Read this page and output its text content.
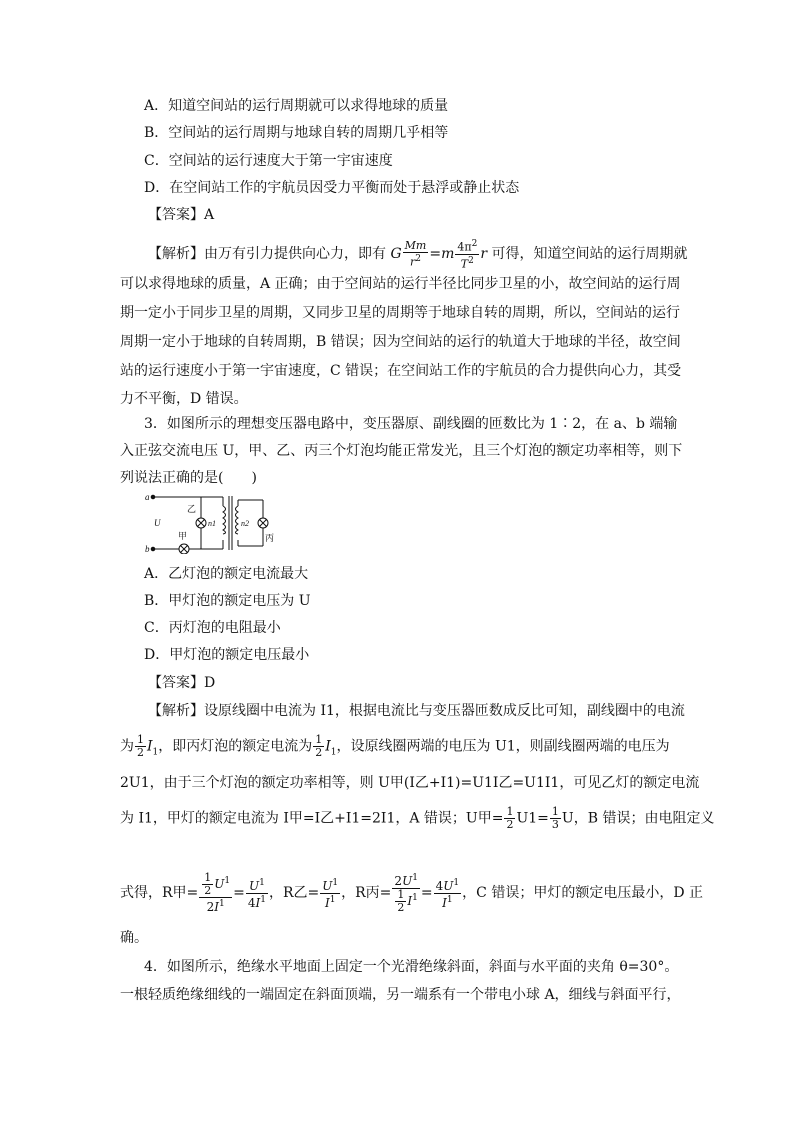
A．知道空间站的运行周期就可以求得地球的质量
B．空间站的运行周期与地球自转的周期几乎相等
C．空间站的运行速度大于第一宇宙速度
D．在空间站工作的宇航员因受力平衡而处于悬浮或静止状态
【答案】A
【解析】由万有引力提供向心力，即有 G $\frac{Mm}{r^2} =m \frac{4\pi^2}{T^2}$ r 可得，知道空间站的运行周期就
可以求得地球的质量，A 正确；由于空间站的运行半径比同步卫星的小，故空间站的运行周
期一定小于同步卫星的周期，又同步卫星的周期等于地球自转的周期，所以，空间站的运行
周期一定小于地球的自转周期，B 错误；因为空间站的运行的轨道大于地球的半径，故空间
站的运行速度小于第一宇宙速度，C 错误；在空间站工作的宇航员的合力提供向心力，其受
力不平衡，D 错误。
3．如图所示的理想变压器电路中，变压器原、副线圈的匝数比为 1∶2，在 a、b 端输
入正弦交流电压 U，甲、乙、丙三个灯泡均能正常发光，且三个灯泡的额定功率相等，则下
列说法正确的是(　　)
a
b
U
乙
甲	丙
n1	n2
A．乙灯泡的额定电流最大
B．甲灯泡的额定电压为 U
C．丙灯泡的电阻最小
D．甲灯泡的额定电压最小
【答案】D
【解析】设原线圈中电流为 I1，根据电流比与变压器匝数成反比可知，副线圈中的电流
为 $\frac{1}{2} I_1$，即丙灯泡的额定电流为 $\frac{1}{2} I_1$，设原线圈两端的电压为 U1，则副线圈两端的电压为
2U1，由于三个灯泡的额定功率相等，则 U甲(I乙+I1)=U1I乙=U1I1，可见乙灯的额定电流
为 I1，甲灯的额定电流为 I甲=I乙+I1=2I1，A 错误；U甲= $\frac{1}{2} U1= \frac{1}{3}$ U，B 错误；由电阻定义
式得，R甲= $\frac{\frac{1}{2} U^1}{2I^1} = \frac{U^1}{4I^1}$ ，R乙= $\frac{U^1}{I^1}$ ，R丙= $\frac{2U^1}{\frac{1}{2} I^1} = \frac{4U^1}{I^1}$ ，C 错误；甲灯的额定电压最小，D 正
确。
4．如图所示，绝缘水平地面上固定一个光滑绝缘斜面，斜面与水平面的夹角 θ=30°。
一根轻质绝缘细线的一端固定在斜面顶端，另一端系有一个带电小球 A，细线与斜面平行，
